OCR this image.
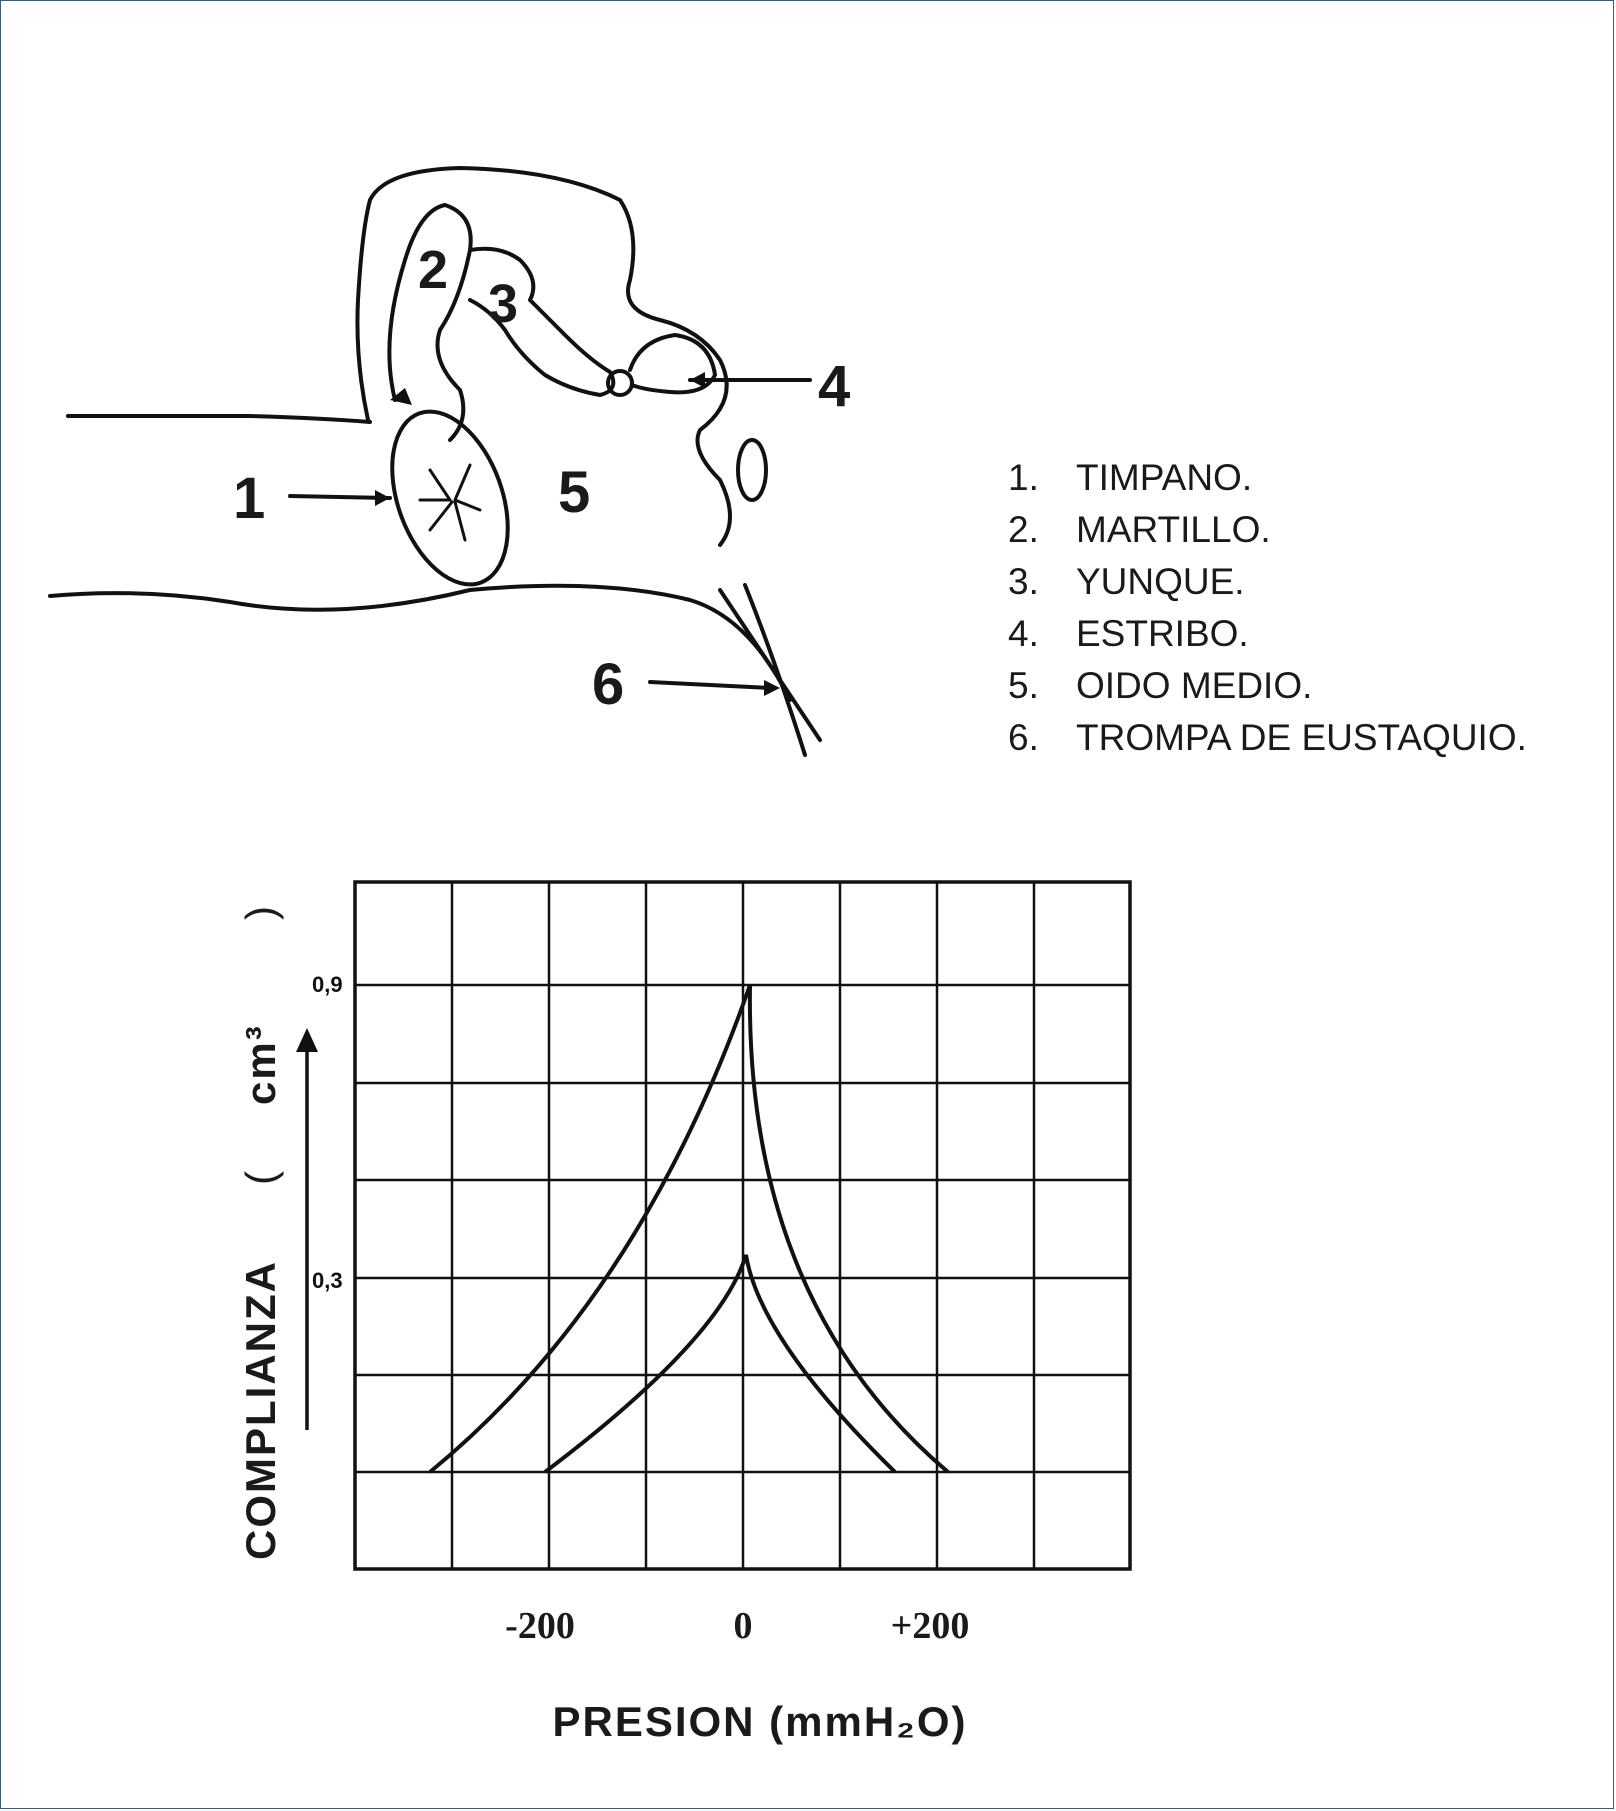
1
2
3
4
5
6
1. TIMPANO.
2. MARTILLO.
3. YUNQUE.
4. ESTRIBO.
5. OIDO MEDIO.
6. TROMPA DE EUSTAQUIO.
-200	0	+200
0,9
0,3
PRESION (mmH₂O)
COMPLIANZA
(
cm³
)
